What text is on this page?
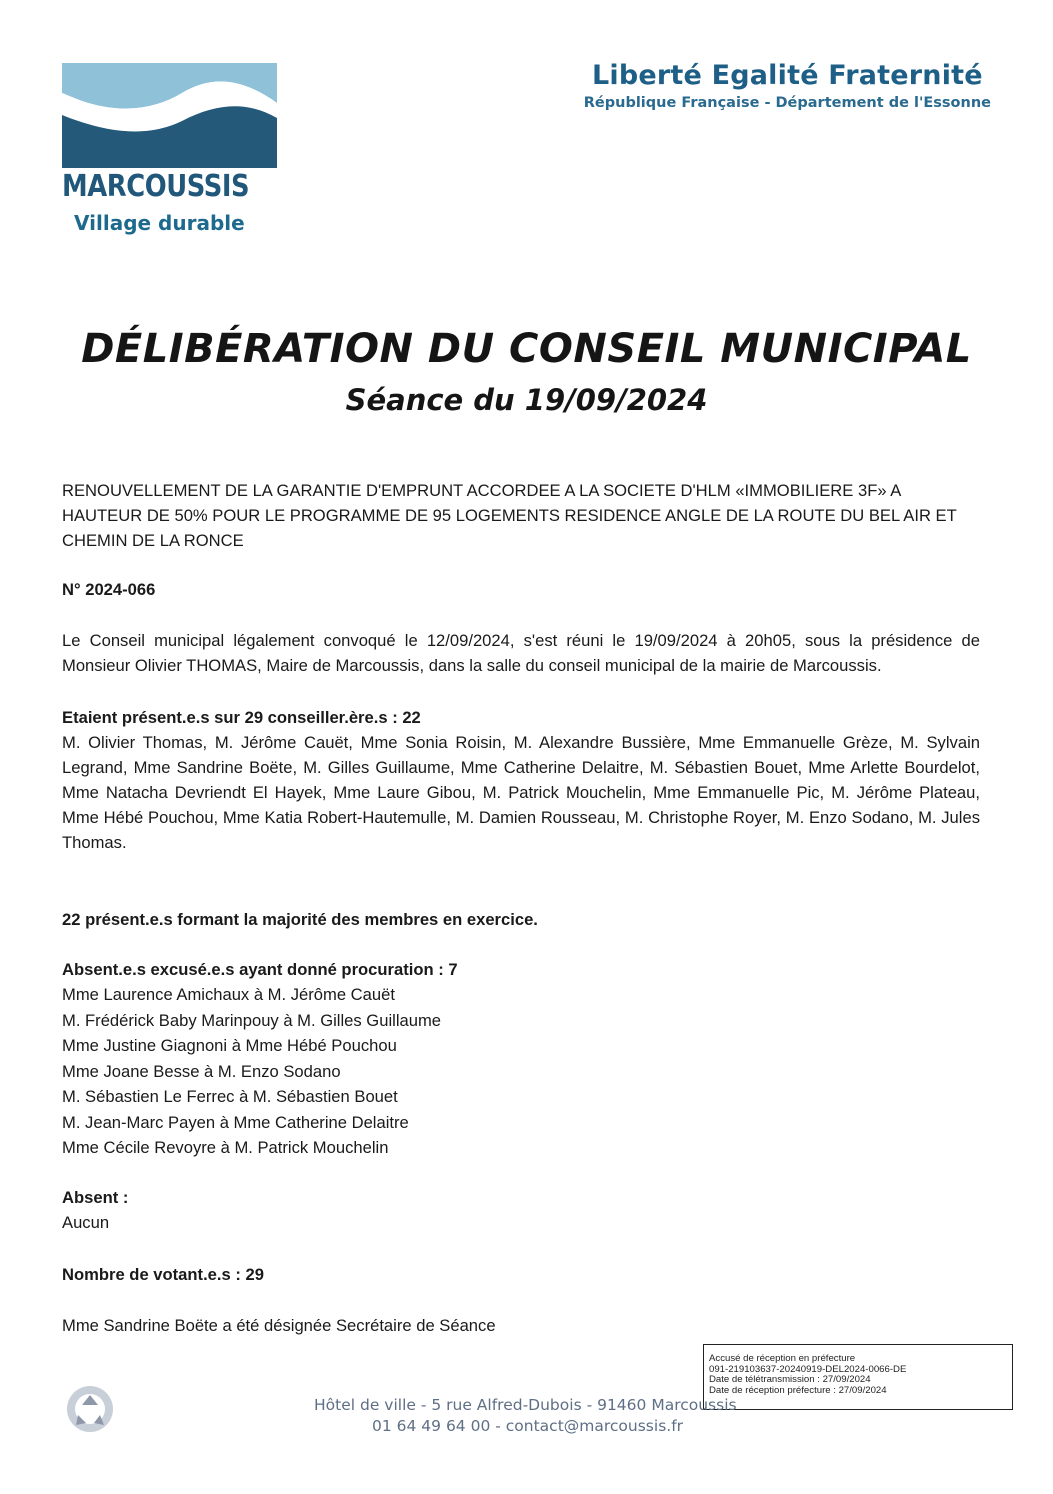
MARCOUSSIS
Village durable
Liberté Egalité Fraternité
République Française - Département de l'Essonne
DÉLIBÉRATION DU CONSEIL MUNICIPAL
Séance du 19/09/2024
RENOUVELLEMENT DE LA GARANTIE D'EMPRUNT ACCORDEE A LA SOCIETE D'HLM «IMMOBILIERE 3F» A HAUTEUR DE 50% POUR LE PROGRAMME DE 95 LOGEMENTS RESIDENCE ANGLE DE LA ROUTE DU BEL AIR ET CHEMIN DE LA RONCE
N° 2024-066
Le Conseil municipal légalement convoqué le 12/09/2024, s'est réuni le 19/09/2024 à 20h05, sous la présidence de Monsieur Olivier THOMAS, Maire de Marcoussis, dans la salle du conseil municipal de la mairie de Marcoussis.
Etaient présent.e.s sur 29 conseiller.ère.s : 22
M. Olivier Thomas, M. Jérôme Cauët, Mme Sonia Roisin, M. Alexandre Bussière, Mme Emmanuelle Grèze, M. Sylvain Legrand, Mme Sandrine Boëte, M. Gilles Guillaume, Mme Catherine Delaitre, M. Sébastien Bouet, Mme Arlette Bourdelot, Mme Natacha Devriendt El Hayek, Mme Laure Gibou, M. Patrick Mouchelin, Mme Emmanuelle Pic, M. Jérôme Plateau, Mme Hébé Pouchou, Mme Katia Robert-Hautemulle, M. Damien Rousseau, M. Christophe Royer, M. Enzo Sodano, M. Jules Thomas.
22 présent.e.s formant la majorité des membres en exercice.
Absent.e.s excusé.e.s ayant donné procuration : 7
Mme Laurence Amichaux à M. Jérôme Cauët
M. Frédérick Baby Marinpouy à M. Gilles Guillaume
Mme Justine Giagnoni à Mme Hébé Pouchou
Mme Joane Besse à M. Enzo Sodano
M. Sébastien Le Ferrec à M. Sébastien Bouet
M. Jean-Marc Payen à Mme Catherine Delaitre
Mme Cécile Revoyre à M. Patrick Mouchelin
Absent :
Aucun
Nombre de votant.e.s : 29
Mme Sandrine Boëte a été désignée Secrétaire de Séance
Accusé de réception en préfecture
091-219103637-20240919-DEL2024-0066-DE
Date de télétransmission : 27/09/2024
Date de réception préfecture : 27/09/2024
Hôtel de ville - 5 rue Alfred-Dubois - 91460 Marcoussis
01 64 49 64 00 - contact@marcoussis.fr
